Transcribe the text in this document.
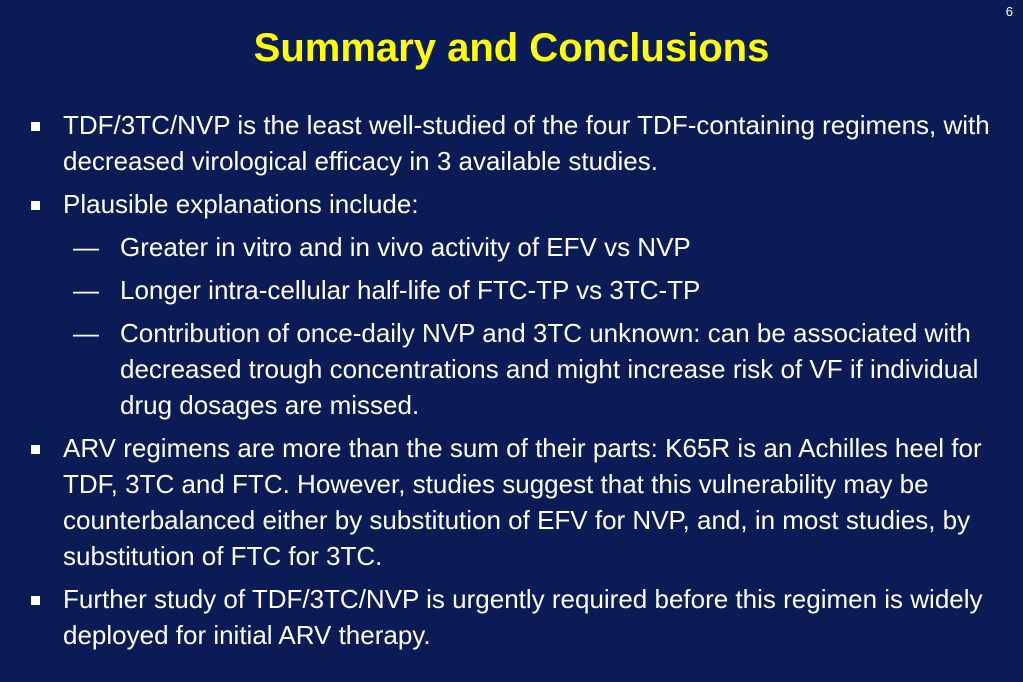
6
Summary and Conclusions
TDF/3TC/NVP is the least well-studied of the four TDF-containing regimens, with decreased virological efficacy in 3 available studies.
Plausible explanations include:
— Greater in vitro and in vivo activity of EFV vs NVP
— Longer intra-cellular half-life of FTC-TP vs 3TC-TP
— Contribution of once-daily NVP and 3TC unknown: can be associated with decreased trough concentrations and might increase risk of VF if individual drug dosages are missed.
ARV regimens are more than the sum of their parts: K65R is an Achilles heel for TDF, 3TC and FTC. However, studies suggest that this vulnerability may be counterbalanced either by substitution of EFV for NVP, and, in most studies, by substitution of FTC for 3TC.
Further study of TDF/3TC/NVP is urgently required before this regimen is widely deployed for initial ARV therapy.
